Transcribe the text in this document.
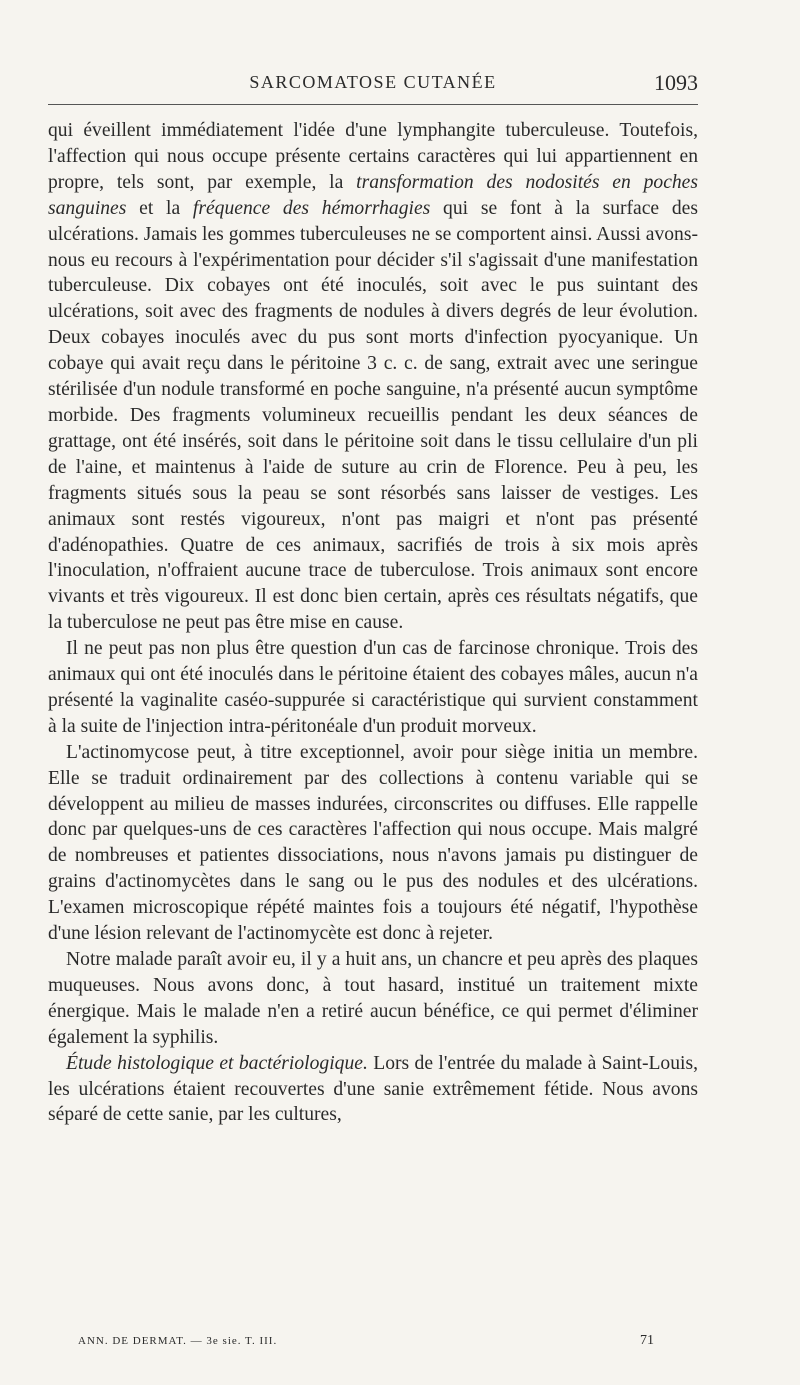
SARCOMATOSE CUTANÉE	1093

qui éveillent immédiatement l'idée d'une lymphangite tuberculeuse. Toutefois, l'affection qui nous occupe présente certains caractères qui lui appartiennent en propre, tels sont, par exemple, la transformation des nodosités en poches sanguines et la fréquence des hémorrhagies qui se font à la surface des ulcérations. Jamais les gommes tuberculeuses ne se comportent ainsi. Aussi avons-nous eu recours à l'expérimentation pour décider s'il s'agissait d'une manifestation tuberculeuse. Dix cobayes ont été inoculés, soit avec le pus suintant des ulcérations, soit avec des fragments de nodules à divers degrés de leur évolution. Deux cobayes inoculés avec du pus sont morts d'infection pyocyanique. Un cobaye qui avait reçu dans le péritoine 3 c. c. de sang, extrait avec une seringue stérilisée d'un nodule transformé en poche sanguine, n'a présenté aucun symptôme morbide. Des fragments volumineux recueillis pendant les deux séances de grattage, ont été insérés, soit dans le péritoine soit dans le tissu cellulaire d'un pli de l'aine, et maintenus à l'aide de suture au crin de Florence. Peu à peu, les fragments situés sous la peau se sont résorbés sans laisser de vestiges. Les animaux sont restés vigoureux, n'ont pas maigri et n'ont pas présenté d'adénopathies. Quatre de ces animaux, sacrifiés de trois à six mois après l'inoculation, n'offraient aucune trace de tuberculose. Trois animaux sont encore vivants et très vigoureux. Il est donc bien certain, après ces résultats négatifs, que la tuberculose ne peut pas être mise en cause.

Il ne peut pas non plus être question d'un cas de farcinose chronique. Trois des animaux qui ont été inoculés dans le péritoine étaient des cobayes mâles, aucun n'a présenté la vaginalite caséo-suppurée si caractéristique qui survient constamment à la suite de l'injection intra-péritonéale d'un produit morveux.

L'actinomycose peut, à titre exceptionnel, avoir pour siège initia un membre. Elle se traduit ordinairement par des collections à contenu variable qui se développent au milieu de masses indurées, circonscrites ou diffuses. Elle rappelle donc par quelques-uns de ces caractères l'affection qui nous occupe. Mais malgré de nombreuses et patientes dissociations, nous n'avons jamais pu distinguer de grains d'actinomycètes dans le sang ou le pus des nodules et des ulcérations. L'examen microscopique répété maintes fois a toujours été négatif, l'hypothèse d'une lésion relevant de l'actinomycète est donc à rejeter.

Notre malade paraît avoir eu, il y a huit ans, un chancre et peu après des plaques muqueuses. Nous avons donc, à tout hasard, institué un traitement mixte énergique. Mais le malade n'en a retiré aucun bénéfice, ce qui permet d'éliminer également la syphilis.

Étude histologique et bactériologique. Lors de l'entrée du malade à Saint-Louis, les ulcérations étaient recouvertes d'une sanie extrêmement fétide. Nous avons séparé de cette sanie, par les cultures,

ANN. DE DERMAT. — 3e sie. T. III.	71
